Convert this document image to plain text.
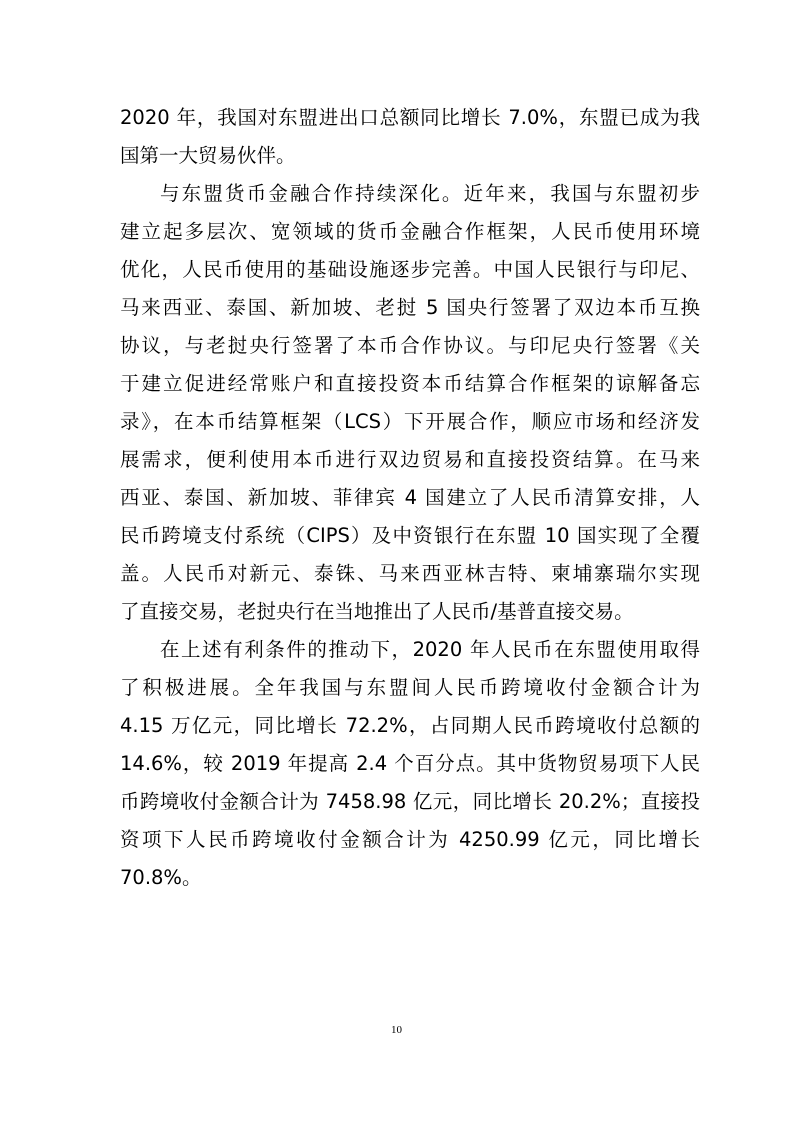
2020 年，我国对东盟进出口总额同比增长 7.0%，东盟已成为我
国第一大贸易伙伴。
与东盟货币金融合作持续深化。近年来，我国与东盟初步
建立起多层次、宽领域的货币金融合作框架，人民币使用环境
优化，人民币使用的基础设施逐步完善。中国人民银行与印尼、
马来西亚、泰国、新加坡、老挝 5 国央行签署了双边本币互换
协议，与老挝央行签署了本币合作协议。与印尼央行签署《关
于建立促进经常账户和直接投资本币结算合作框架的谅解备忘
录》，在本币结算框架（LCS）下开展合作，顺应市场和经济发
展需求，便利使用本币进行双边贸易和直接投资结算。在马来
西亚、泰国、新加坡、菲律宾 4 国建立了人民币清算安排，人
民币跨境支付系统（CIPS）及中资银行在东盟 10 国实现了全覆
盖。人民币对新元、泰铢、马来西亚林吉特、柬埔寨瑞尔实现
了直接交易，老挝央行在当地推出了人民币/基普直接交易。
在上述有利条件的推动下，2020 年人民币在东盟使用取得
了积极进展。全年我国与东盟间人民币跨境收付金额合计为
4.15 万亿元，同比增长 72.2%，占同期人民币跨境收付总额的
14.6%，较 2019 年提高 2.4 个百分点。其中货物贸易项下人民
币跨境收付金额合计为 7458.98 亿元，同比增长 20.2%；直接投
资项下人民币跨境收付金额合计为 4250.99 亿元，同比增长
70.8%。
10
